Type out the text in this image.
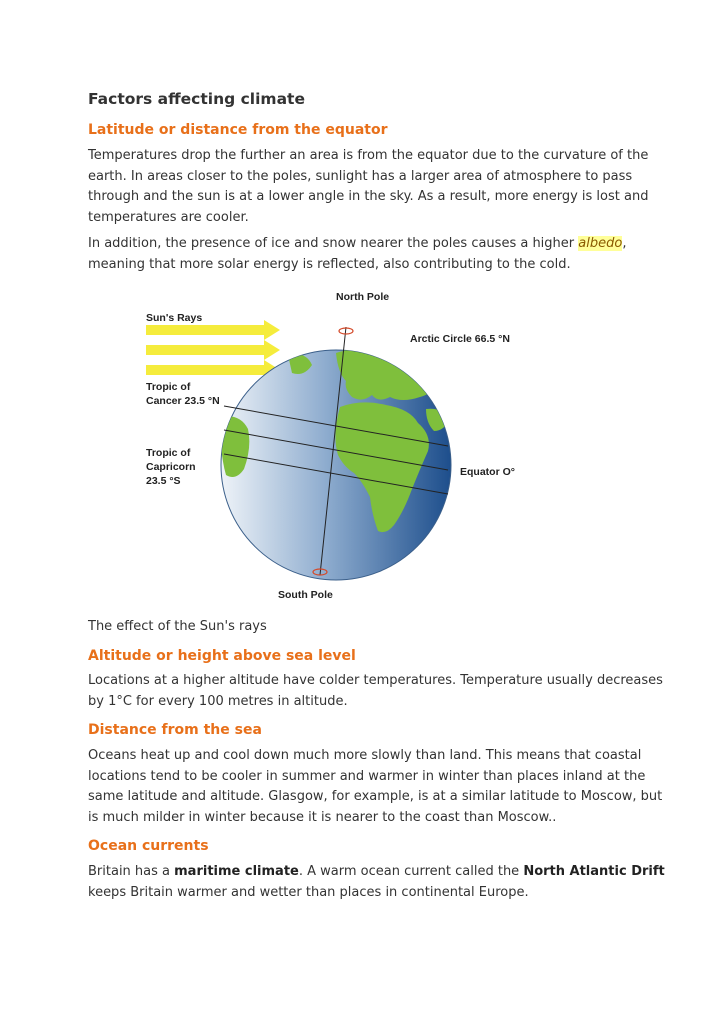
Factors affecting climate
Latitude or distance from the equator

Temperatures drop the further an area is from the equator due to the curvature of the
earth. In areas closer to the poles, sunlight has a larger area of atmosphere to pass
through and the sun is at a lower angle in the sky. As a result, more energy is lost and
temperatures are cooler.

In addition, the presence of ice and snow nearer the poles causes a higher albedo,
meaning that more solar energy is reflected, also contributing to the cold.

North Pole
South Pole
Sun's Rays
Arctic Circle 66.5 °N
Tropic of
Cancer 23.5 °N
Tropic of
Capricorn
23.5 °S
Equator O°

The effect of the Sun's rays

Altitude or height above sea level

Locations at a higher altitude have colder temperatures. Temperature usually decreases
by 1°C for every 100 metres in altitude.

Distance from the sea

Oceans heat up and cool down much more slowly than land. This means that coastal
locations tend to be cooler in summer and warmer in winter than places inland at the
same latitude and altitude. Glasgow, for example, is at a similar latitude to Moscow, but
is much milder in winter because it is nearer to the coast than Moscow..

Ocean currents

Britain has a maritime climate. A warm ocean current called the North Atlantic Drift
keeps Britain warmer and wetter than places in continental Europe.
